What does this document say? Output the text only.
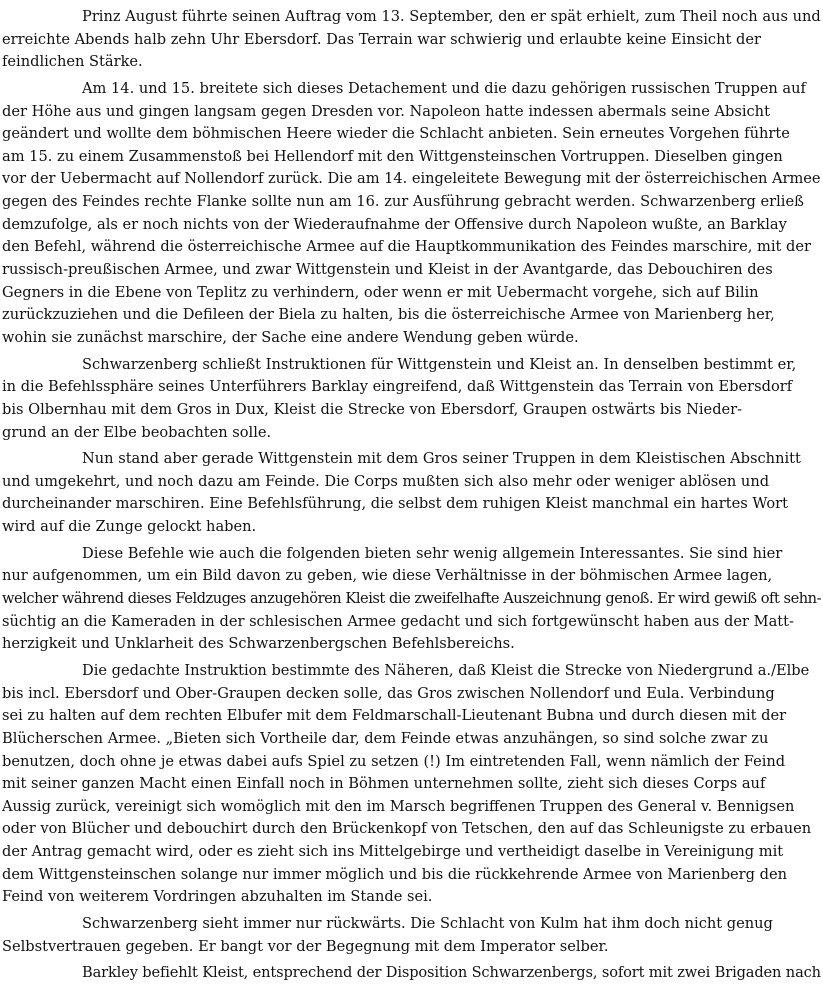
Prinz August führte seinen Auftrag vom 13. September, den er spät erhielt, zum Theil noch aus und
erreichte Abends halb zehn Uhr Ebersdorf. Das Terrain war schwierig und erlaubte keine Einsicht der
feindlichen Stärke.
Am 14. und 15. breitete sich dieses Detachement und die dazu gehörigen russischen Truppen auf
der Höhe aus und gingen langsam gegen Dresden vor. Napoleon hatte indessen abermals seine Absicht
geändert und wollte dem böhmischen Heere wieder die Schlacht anbieten. Sein erneutes Vorgehen führte
am 15. zu einem Zusammenstoß bei Hellendorf mit den Wittgensteinschen Vortruppen. Dieselben gingen
vor der Uebermacht auf Nollendorf zurück. Die am 14. eingeleitete Bewegung mit der österreichischen Armee
gegen des Feindes rechte Flanke sollte nun am 16. zur Ausführung gebracht werden. Schwarzenberg erließ
demzufolge, als er noch nichts von der Wiederaufnahme der Offensive durch Napoleon wußte, an Barklay
den Befehl, während die österreichische Armee auf die Hauptkommunikation des Feindes marschire, mit der
russisch-preußischen Armee, und zwar Wittgenstein und Kleist in der Avantgarde, das Debouchiren des
Gegners in die Ebene von Teplitz zu verhindern, oder wenn er mit Uebermacht vorgehe, sich auf Bilin
zurückzuziehen und die Defileen der Biela zu halten, bis die österreichische Armee von Marienberg her,
wohin sie zunächst marschire, der Sache eine andere Wendung geben würde.
Schwarzenberg schließt Instruktionen für Wittgenstein und Kleist an. In denselben bestimmt er,
in die Befehlssphäre seines Unterführers Barklay eingreifend, daß Wittgenstein das Terrain von Ebersdorf
bis Olbernhau mit dem Gros in Dux, Kleist die Strecke von Ebersdorf, Graupen ostwärts bis Nieder-
grund an der Elbe beobachten solle.
Nun stand aber gerade Wittgenstein mit dem Gros seiner Truppen in dem Kleistischen Abschnitt
und umgekehrt, und noch dazu am Feinde. Die Corps mußten sich also mehr oder weniger ablösen und
durcheinander marschiren. Eine Befehlsführung, die selbst dem ruhigen Kleist manchmal ein hartes Wort
wird auf die Zunge gelockt haben.
Diese Befehle wie auch die folgenden bieten sehr wenig allgemein Interessantes. Sie sind hier
nur aufgenommen, um ein Bild davon zu geben, wie diese Verhältnisse in der böhmischen Armee lagen,
welcher während dieses Feldzuges anzugehören Kleist die zweifelhafte Auszeichnung genoß. Er wird gewiß oft sehn-
süchtig an die Kameraden in der schlesischen Armee gedacht und sich fortgewünscht haben aus der Matt-
herzigkeit und Unklarheit des Schwarzenbergschen Befehlsbereichs.
Die gedachte Instruktion bestimmte des Näheren, daß Kleist die Strecke von Niedergrund a./Elbe
bis incl. Ebersdorf und Ober-Graupen decken solle, das Gros zwischen Nollendorf und Eula. Verbindung
sei zu halten auf dem rechten Elbufer mit dem Feldmarschall-Lieutenant Bubna und durch diesen mit der
Blücherschen Armee. „Bieten sich Vortheile dar, dem Feinde etwas anzuhängen, so sind solche zwar zu
benutzen, doch ohne je etwas dabei aufs Spiel zu setzen (!) Im eintretenden Fall, wenn nämlich der Feind
mit seiner ganzen Macht einen Einfall noch in Böhmen unternehmen sollte, zieht sich dieses Corps auf
Aussig zurück, vereinigt sich womöglich mit den im Marsch begriffenen Truppen des General v. Bennigsen
oder von Blücher und debouchirt durch den Brückenkopf von Tetschen, den auf das Schleunigste zu erbauen
der Antrag gemacht wird, oder es zieht sich ins Mittelgebirge und vertheidigt daselbe in Vereinigung mit
dem Wittgensteinschen solange nur immer möglich und bis die rückkehrende Armee von Marienberg den
Feind von weiterem Vordringen abzuhalten im Stande sei.
Schwarzenberg sieht immer nur rückwärts. Die Schlacht von Kulm hat ihm doch nicht genug
Selbstvertrauen gegeben. Er bangt vor der Begegnung mit dem Imperator selber.
Barkley befiehlt Kleist, entsprechend der Disposition Schwarzenbergs, sofort mit zwei Brigaden nach
